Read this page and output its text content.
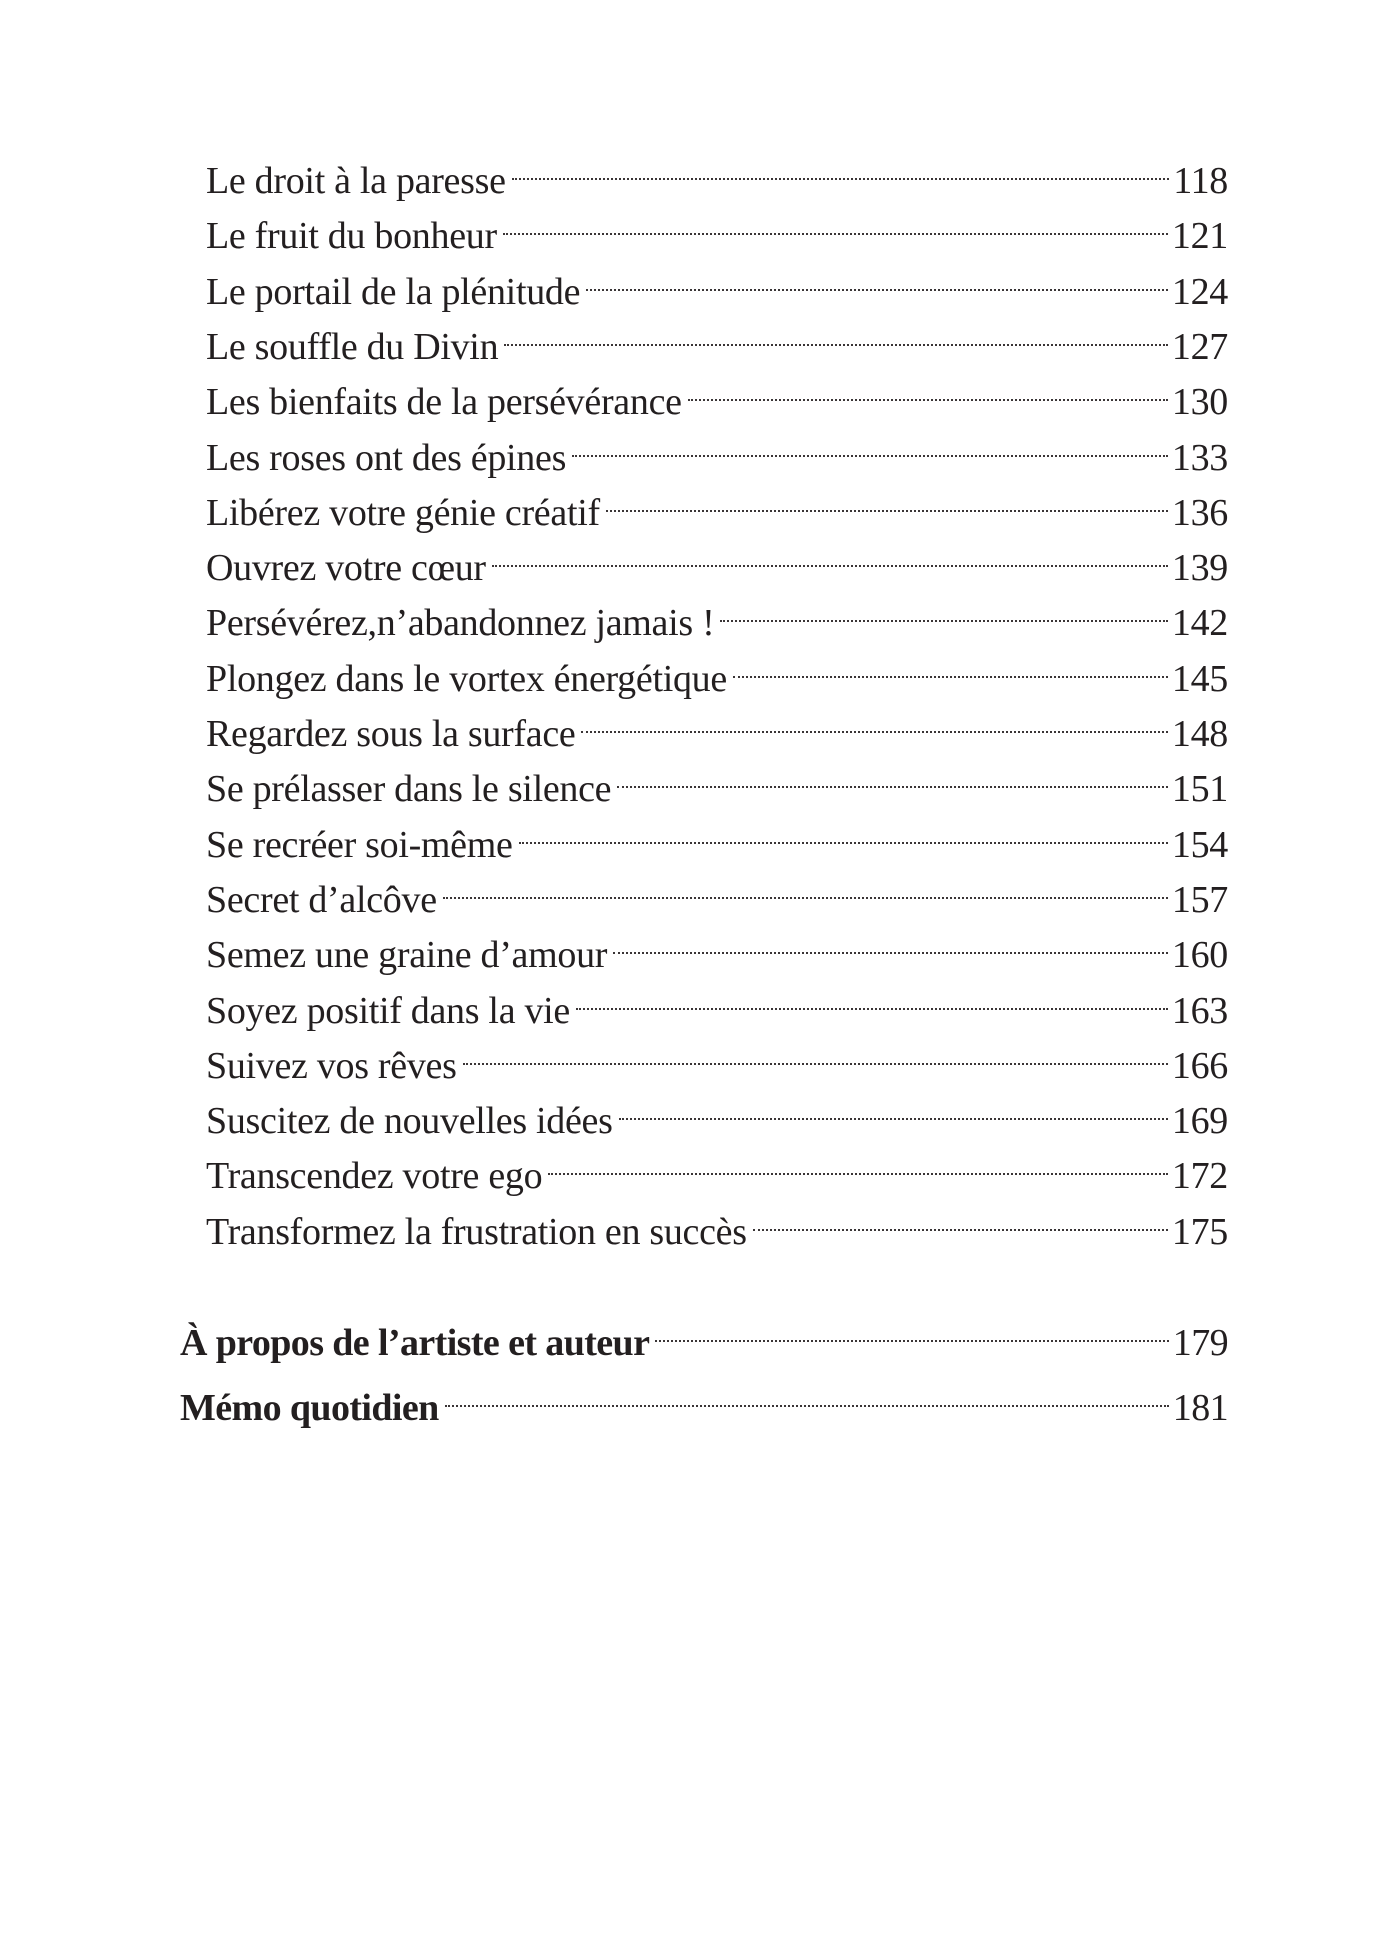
Le droit à la paresse	118
Le fruit du bonheur	121
Le portail de la plénitude	124
Le souffle du Divin	127
Les bienfaits de la persévérance	130
Les roses ont des épines	133
Libérez votre génie créatif	136
Ouvrez votre cœur	139
Persévérez,n’abandonnez jamais !	142
Plongez dans le vortex énergétique	145
Regardez sous la surface	148
Se prélasser dans le silence	151
Se recréer soi-même	154
Secret d’alcôve	157
Semez une graine d’amour	160
Soyez positif dans la vie	163
Suivez vos rêves	166
Suscitez de nouvelles idées	169
Transcendez votre ego	172
Transformez la frustration en succès	175
À propos de l’artiste et auteur	179
Mémo quotidien	181
